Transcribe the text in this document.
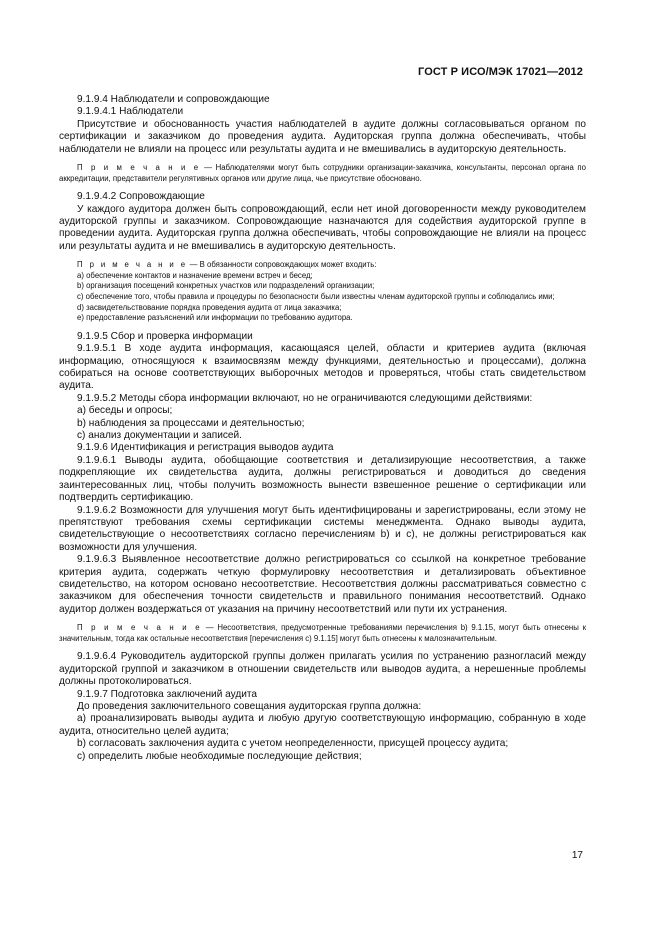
ГОСТ Р ИСО/МЭК 17021—2012

9.1.9.4 Наблюдатели и сопровождающие

9.1.9.4.1 Наблюдатели

Присутствие и обоснованность участия наблюдателей в аудите должны согласовываться органом по сертификации и заказчиком до проведения аудита. Аудиторская группа должна обеспечивать, чтобы наблюдатели не влияли на процесс или результаты аудита и не вмешивались в аудиторскую деятельность.

П р и м е ч а н и е — Наблюдателями могут быть сотрудники организации-заказчика, консультанты, персонал органа по аккредитации, представители регулятивных органов или другие лица, чье присутствие обосновано.

9.1.9.4.2 Сопровождающие

У каждого аудитора должен быть сопровождающий, если нет иной договоренности между руководителем аудиторской группы и заказчиком. Сопровождающие назначаются для содействия аудиторской группе в проведении аудита. Аудиторская группа должна обеспечивать, чтобы сопровождающие не влияли на процесс или результаты аудита и не вмешивались в аудиторскую деятельность.

П р и м е ч а н и е — В обязанности сопровождающих может входить:

а) обеспечение контактов и назначение времени встреч и бесед;

b) организация посещений конкретных участков или подразделений организации;

с) обеспечение того, чтобы правила и процедуры по безопасности были известны членам аудиторской группы и соблюдались ими;

d) засвидетельствование порядка проведения аудита от лица заказчика;

е) предоставление разъяснений или информации по требованию аудитора.

9.1.9.5 Сбор и проверка информации

9.1.9.5.1 В ходе аудита информация, касающаяся целей, области и критериев аудита (включая информацию, относящуюся к взаимосвязям между функциями, деятельностью и процессами), должна собираться на основе соответствующих выборочных методов и проверяться, чтобы стать свидетельством аудита.

9.1.9.5.2 Методы сбора информации включают, но не ограничиваются следующими действиями:

а) беседы и опросы;

b) наблюдения за процессами и деятельностью;

с) анализ документации и записей.

9.1.9.6 Идентификация и регистрация выводов аудита

9.1.9.6.1 Выводы аудита, обобщающие соответствия и детализирующие несоответствия, а также подкрепляющие их свидетельства аудита, должны регистрироваться и доводиться до сведения заинтересованных лиц, чтобы получить возможность вынести взвешенное решение о сертификации или подтвердить сертификацию.

9.1.9.6.2 Возможности для улучшения могут быть идентифицированы и зарегистрированы, если этому не препятствуют требования схемы сертификации системы менеджмента. Однако выводы аудита, свидетельствующие о несоответствиях согласно перечислениям b) и с), не должны регистрироваться как возможности для улучшения.

9.1.9.6.3 Выявленное несоответствие должно регистрироваться со ссылкой на конкретное требование критерия аудита, содержать четкую формулировку несоответствия и детализировать объективное свидетельство, на котором основано несоответствие. Несоответствия должны рассматриваться совместно с заказчиком для обеспечения точности свидетельств и правильного понимания несоответствий. Однако аудитор должен воздержаться от указания на причину несоответствий или пути их устранения.

П р и м е ч а н и е — Несоответствия, предусмотренные требованиями перечисления b) 9.1.15, могут быть отнесены к значительным, тогда как остальные несоответствия [перечисления с) 9.1.15] могут быть отнесены к малозначительным.

9.1.9.6.4 Руководитель аудиторской группы должен прилагать усилия по устранению разногласий между аудиторской группой и заказчиком в отношении свидетельств или выводов аудита, а нерешенные проблемы должны протоколироваться.

9.1.9.7 Подготовка заключений аудита

До проведения заключительного совещания аудиторская группа должна:

а) проанализировать выводы аудита и любую другую соответствующую информацию, собранную в ходе аудита, относительно целей аудита;

b) согласовать заключения аудита с учетом неопределенности, присущей процессу аудита;

с) определить любые необходимые последующие действия;

17
